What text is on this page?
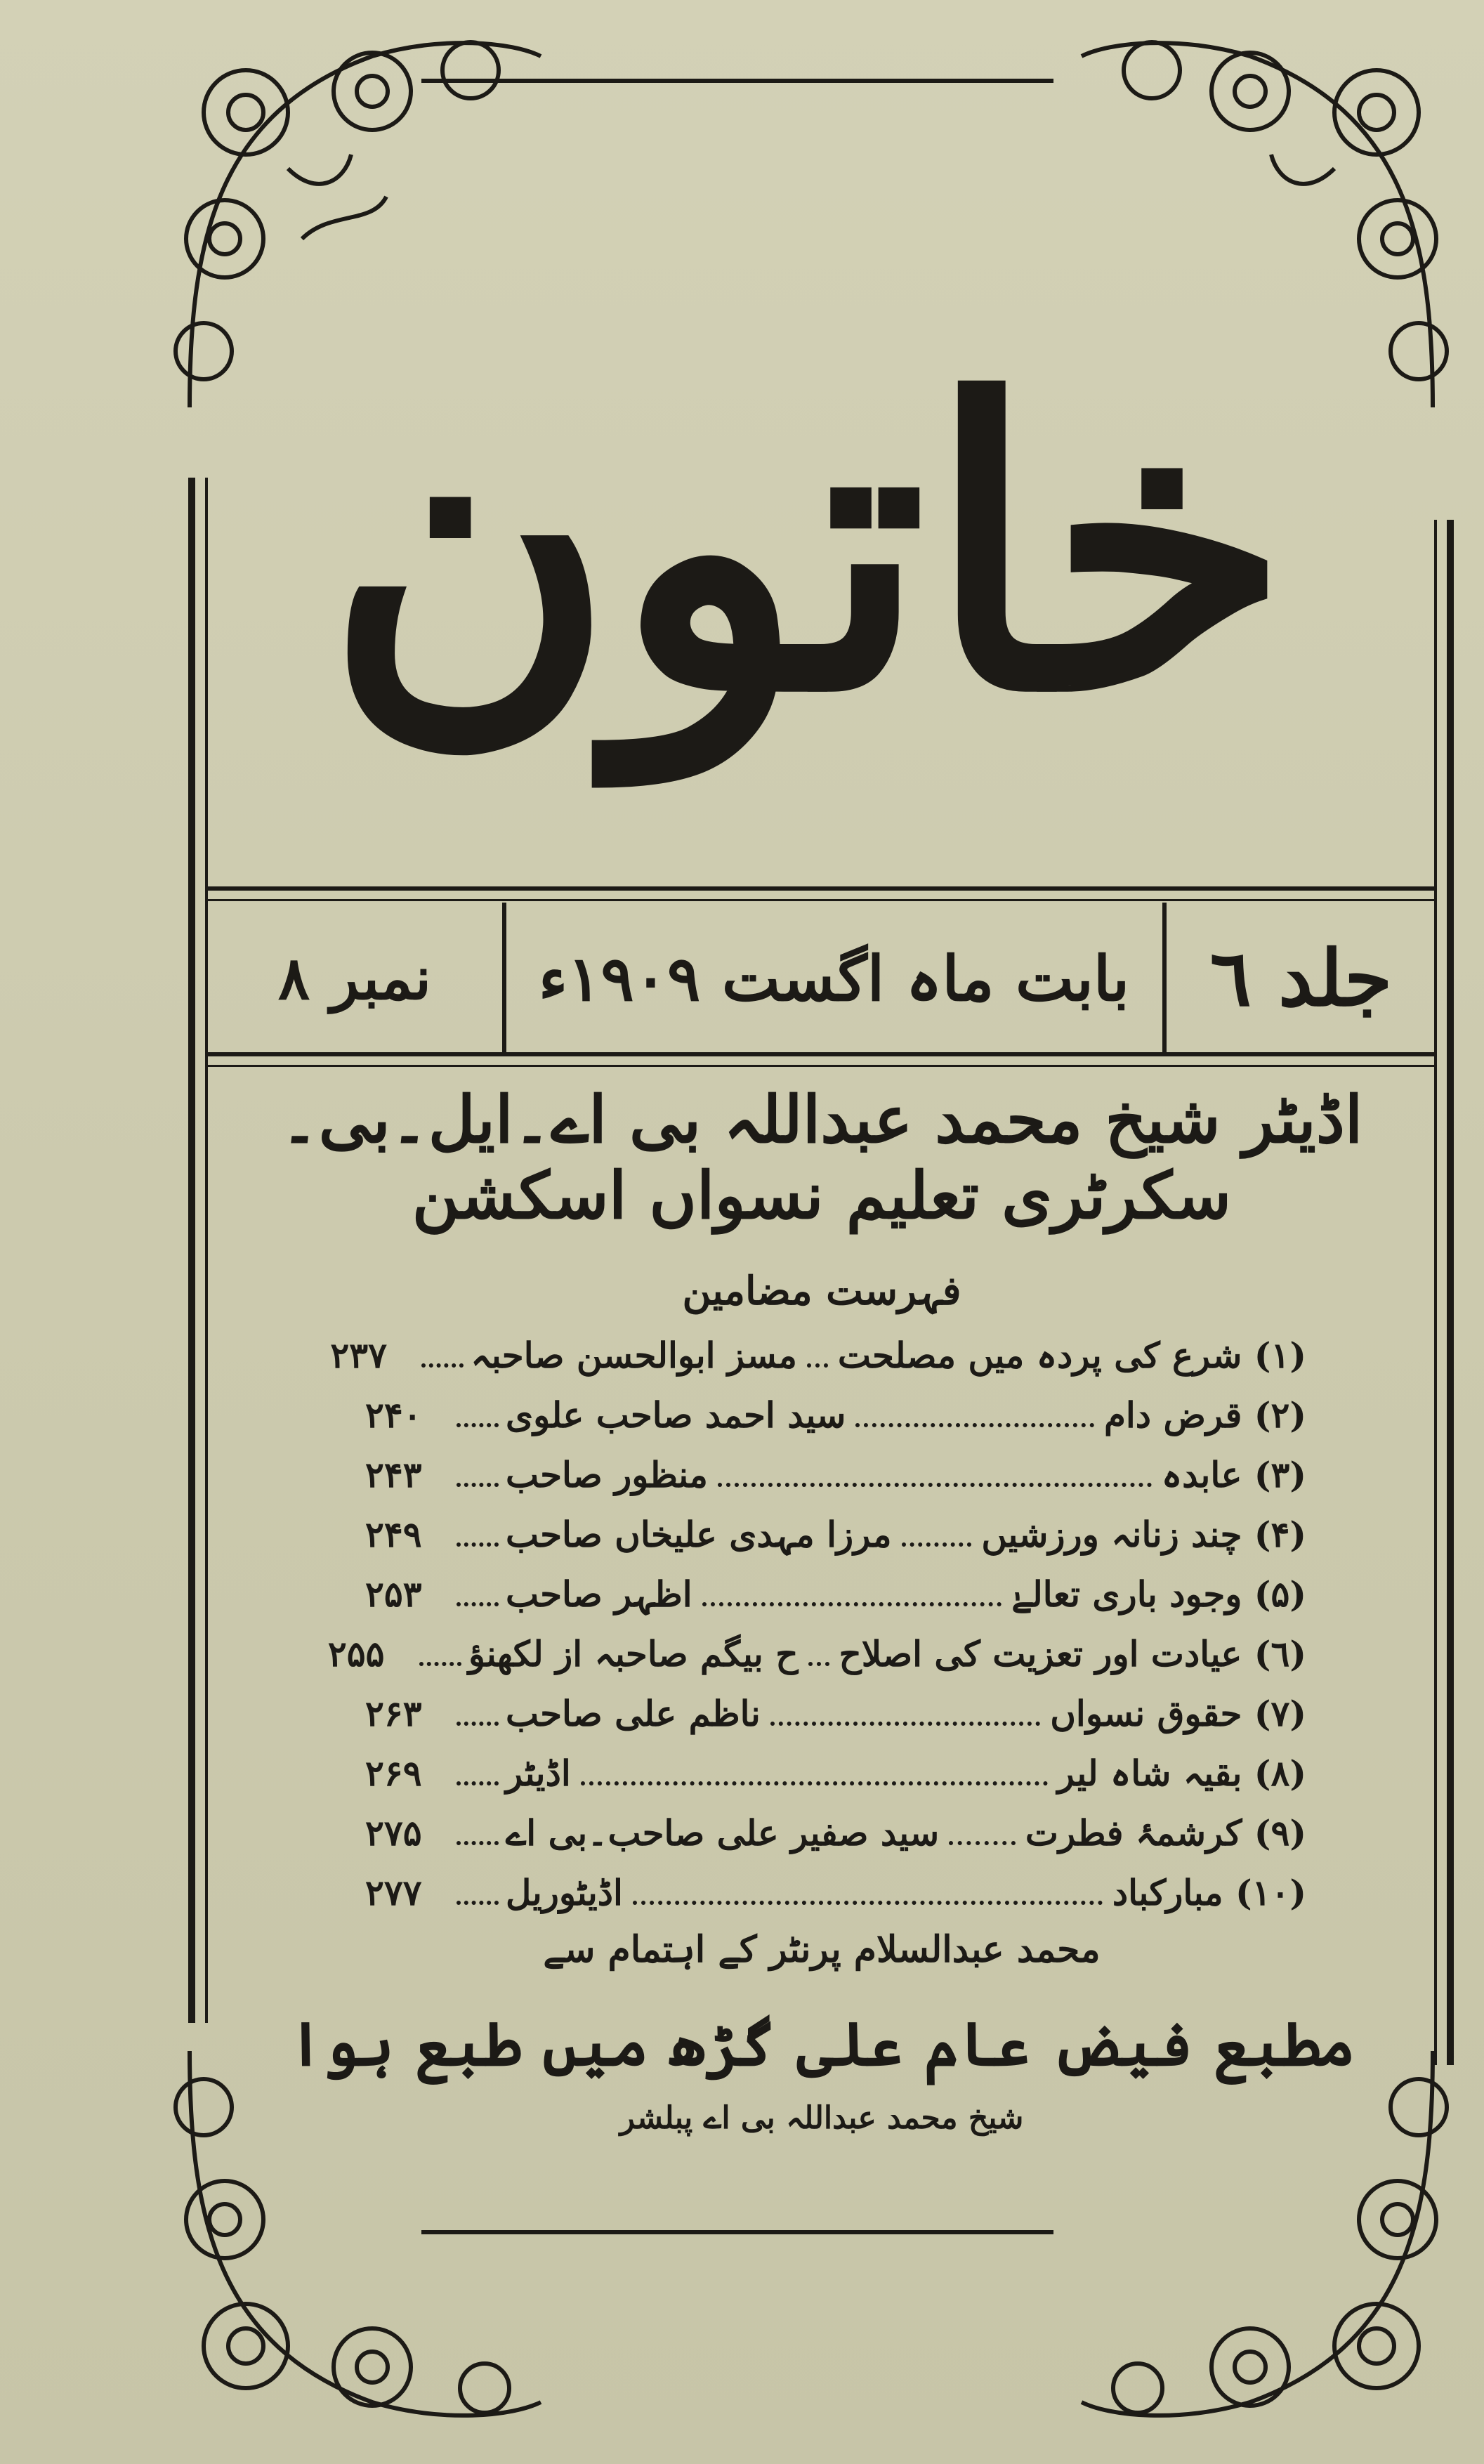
خاتون
نمبر ٨	بابت ماہ اگست ۱۹۰۹ء	جلد ٦
اڈیٹر شیخ محمد عبداللہ بی اے۔ایل۔بی۔سکرٹری تعلیم نسواں اسکشن
فہرست مضامین
(١) شرع کی پردہ میں مصلحت
مسز ابوالحسن صاحبہ
۲۳۷
(٢) قرض دام
سید احمد صاحب علوی
۲۴۰
(٣) عابدہ
منظور صاحب
۲۴۳
(۴) چند زنانہ ورزشیں
مرزا مہدی علیخاں صاحب
۲۴۹
(۵) وجود باری تعالےٰ
اظہر صاحب
۲۵۳
(٦) عیادت اور تعزیت کی اصلاح
ح بیگم صاحبہ از لکھنؤ
۲۵۵
(۷) حقوق نسواں
ناظم علی صاحب
۲۶۳
(۸) بقیہ شاہ لیر
اڈیٹر
۲۶۹
(۹) کرشمۂ فطرت
سید صفیر علی صاحب۔بی اے
۲۷۵
(١٠) مبارکباد
اڈیٹوریل
۲۷۷
محمد عبدالسلام پرنٹر کے اہتمام سے
مطبع فیض عام علی گڑھ میں طبع ہوا
شیخ محمد عبداللہ بی اے پبلشر
